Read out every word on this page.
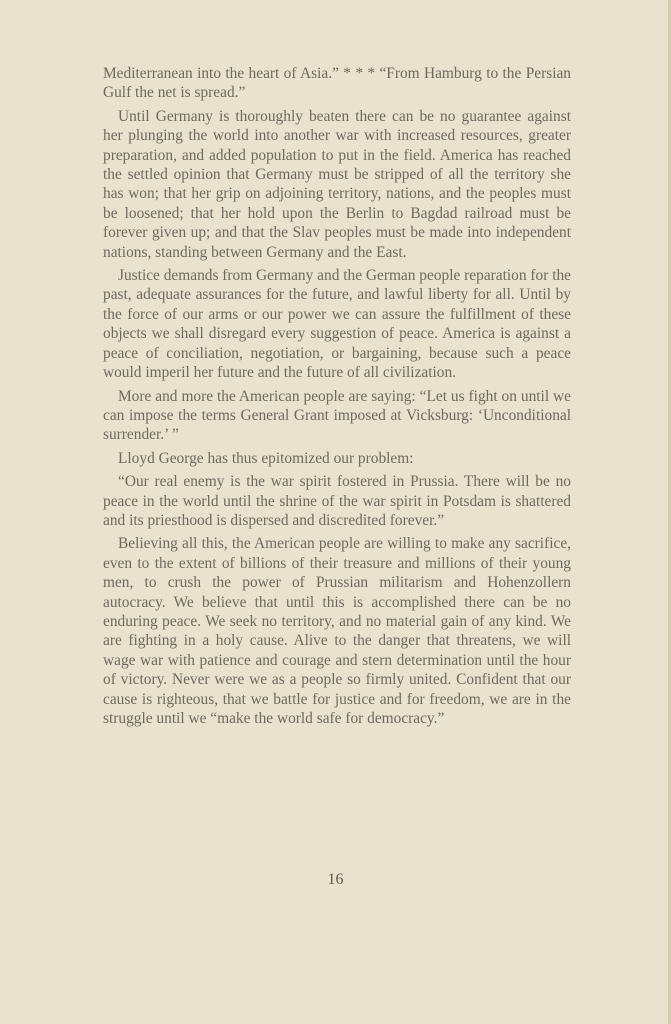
Mediterranean into the heart of Asia.” * * * “From Hamburg to the Persian Gulf the net is spread.”

Until Germany is thoroughly beaten there can be no guarantee against her plunging the world into another war with increased resources, greater preparation, and added population to put in the field. America has reached the settled opinion that Germany must be stripped of all the territory she has won; that her grip on adjoining territory, nations, and the peoples must be loosened; that her hold upon the Berlin to Bagdad railroad must be forever given up; and that the Slav peoples must be made into independent nations, standing between Germany and the East.

Justice demands from Germany and the German people reparation for the past, adequate assurances for the future, and lawful liberty for all. Until by the force of our arms or our power we can assure the fulfillment of these objects we shall disregard every suggestion of peace. America is against a peace of conciliation, negotiation, or bargaining, because such a peace would imperil her future and the future of all civilization.

More and more the American people are saying: “Let us fight on until we can impose the terms General Grant imposed at Vicksburg: ‘Unconditional surrender.’ ”

Lloyd George has thus epitomized our problem:

“Our real enemy is the war spirit fostered in Prussia. There will be no peace in the world until the shrine of the war spirit in Potsdam is shattered and its priesthood is dispersed and discredited forever.”

Believing all this, the American people are willing to make any sacrifice, even to the extent of billions of their treasure and millions of their young men, to crush the power of Prussian militarism and Hohenzollern autocracy. We believe that until this is accomplished there can be no enduring peace. We seek no territory, and no material gain of any kind. We are fighting in a holy cause. Alive to the danger that threatens, we will wage war with patience and courage and stern determination until the hour of victory. Never were we as a people so firmly united. Confident that our cause is righteous, that we battle for justice and for freedom, we are in the struggle until we “make the world safe for democracy.”

16
